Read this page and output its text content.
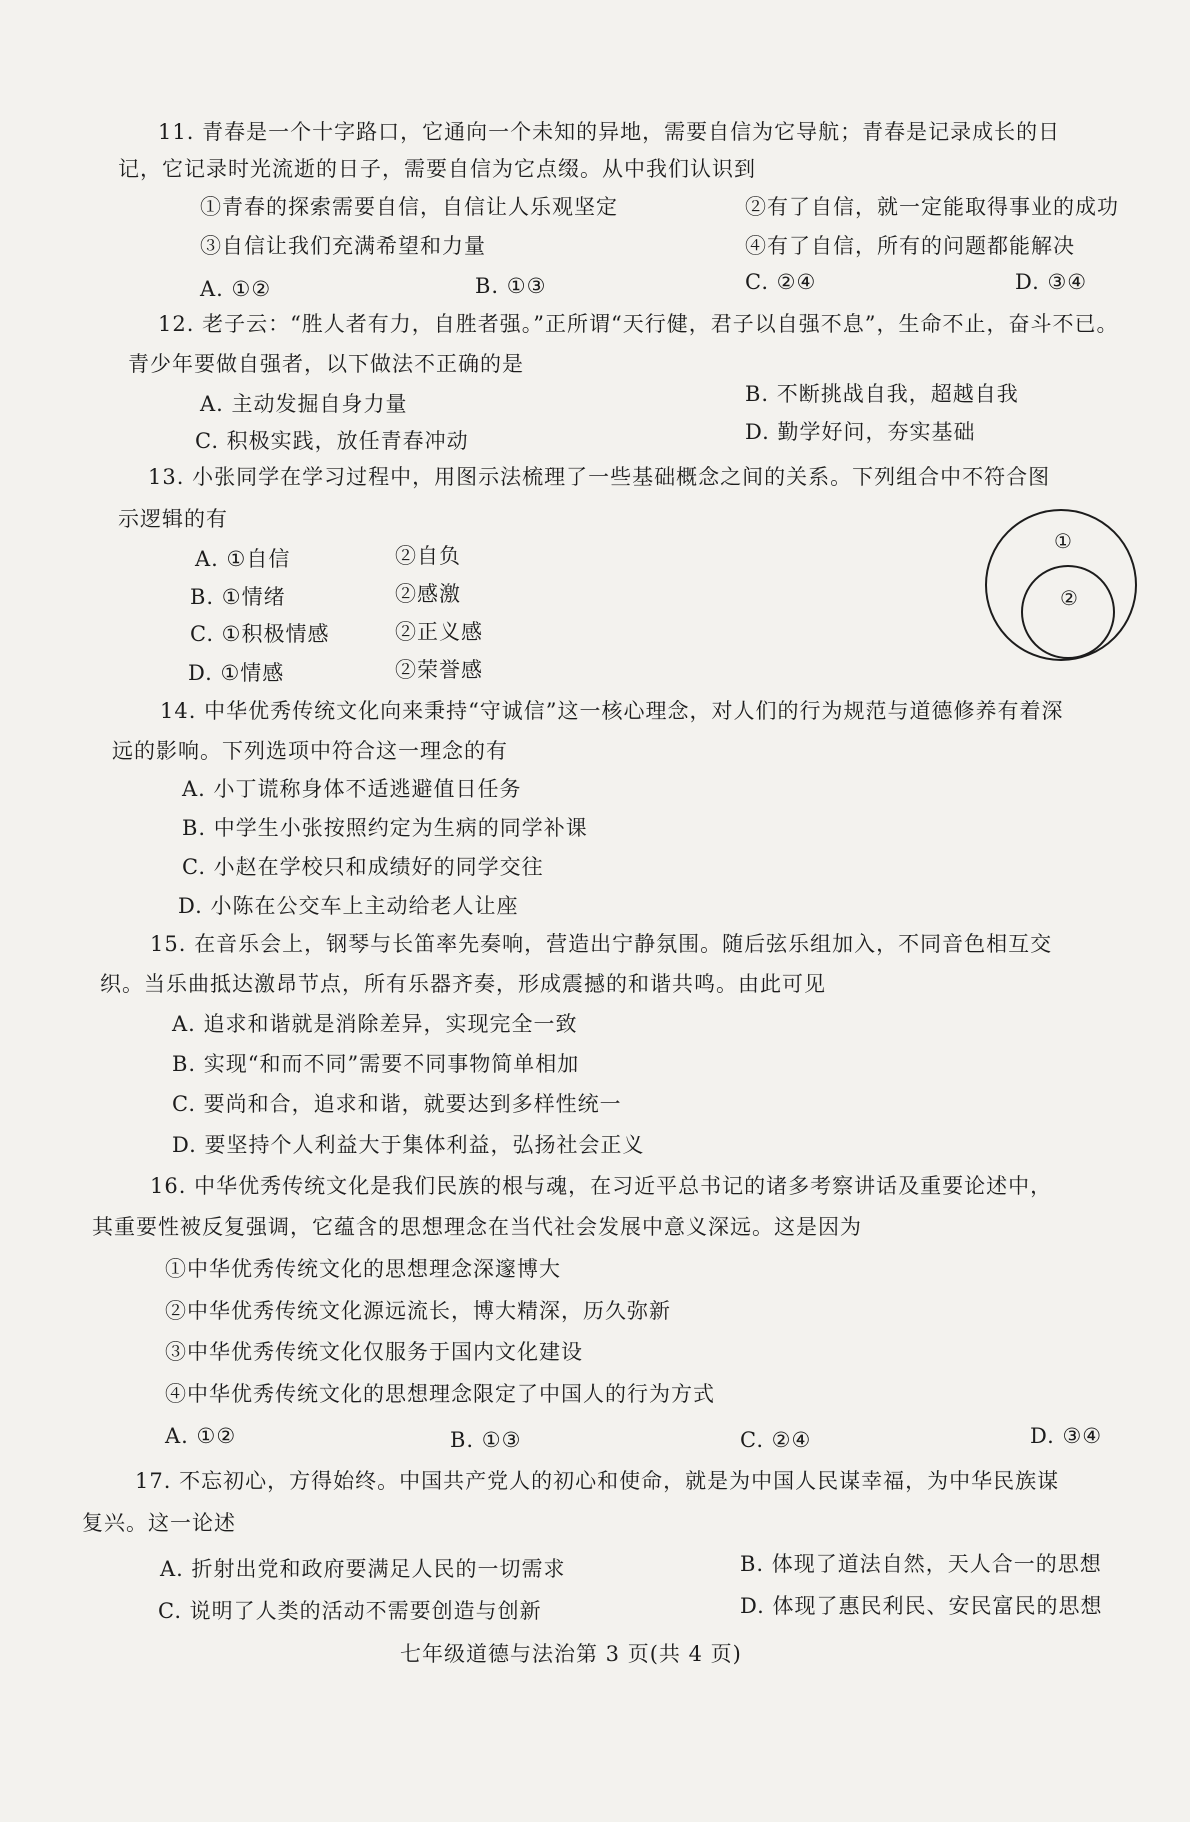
11. 青春是一个十字路口，它通向一个未知的异地，需要自信为它导航；青春是记录成长的日
记，它记录时光流逝的日子，需要自信为它点缀。从中我们认识到
①青春的探索需要自信，自信让人乐观坚定	②有了自信，就一定能取得事业的成功
③自信让我们充满希望和力量	④有了自信，所有的问题都能解决
A. ①②	B. ①③	C. ②④	D. ③④
12. 老子云：“胜人者有力，自胜者强。”正所谓“天行健，君子以自强不息”，生命不止，奋斗不已。
青少年要做自强者，以下做法不正确的是
A. 主动发掘自身力量	B. 不断挑战自我，超越自我
C. 积极实践，放任青春冲动	D. 勤学好问，夯实基础
13. 小张同学在学习过程中，用图示法梳理了一些基础概念之间的关系。下列组合中不符合图
示逻辑的有
A. ①自信	②自负
B. ①情绪	②感激
C. ①积极情感	②正义感
D. ①情感	②荣誉感
①
②
14. 中华优秀传统文化向来秉持“守诚信”这一核心理念，对人们的行为规范与道德修养有着深
远的影响。下列选项中符合这一理念的有
A. 小丁谎称身体不适逃避值日任务
B. 中学生小张按照约定为生病的同学补课
C. 小赵在学校只和成绩好的同学交往
D. 小陈在公交车上主动给老人让座
15. 在音乐会上，钢琴与长笛率先奏响，营造出宁静氛围。随后弦乐组加入，不同音色相互交
织。当乐曲抵达激昂节点，所有乐器齐奏，形成震撼的和谐共鸣。由此可见
A. 追求和谐就是消除差异，实现完全一致
B. 实现“和而不同”需要不同事物简单相加
C. 要尚和合，追求和谐，就要达到多样性统一
D. 要坚持个人利益大于集体利益，弘扬社会正义
16. 中华优秀传统文化是我们民族的根与魂，在习近平总书记的诸多考察讲话及重要论述中，
其重要性被反复强调，它蕴含的思想理念在当代社会发展中意义深远。这是因为
①中华优秀传统文化的思想理念深邃博大
②中华优秀传统文化源远流长，博大精深，历久弥新
③中华优秀传统文化仅服务于国内文化建设
④中华优秀传统文化的思想理念限定了中国人的行为方式
A. ①②	B. ①③	C. ②④	D. ③④
17. 不忘初心，方得始终。中国共产党人的初心和使命，就是为中国人民谋幸福，为中华民族谋
复兴。这一论述
A. 折射出党和政府要满足人民的一切需求	B. 体现了道法自然，天人合一的思想
C. 说明了人类的活动不需要创造与创新	D. 体现了惠民利民、安民富民的思想
七年级道德与法治第 3 页(共 4 页)
